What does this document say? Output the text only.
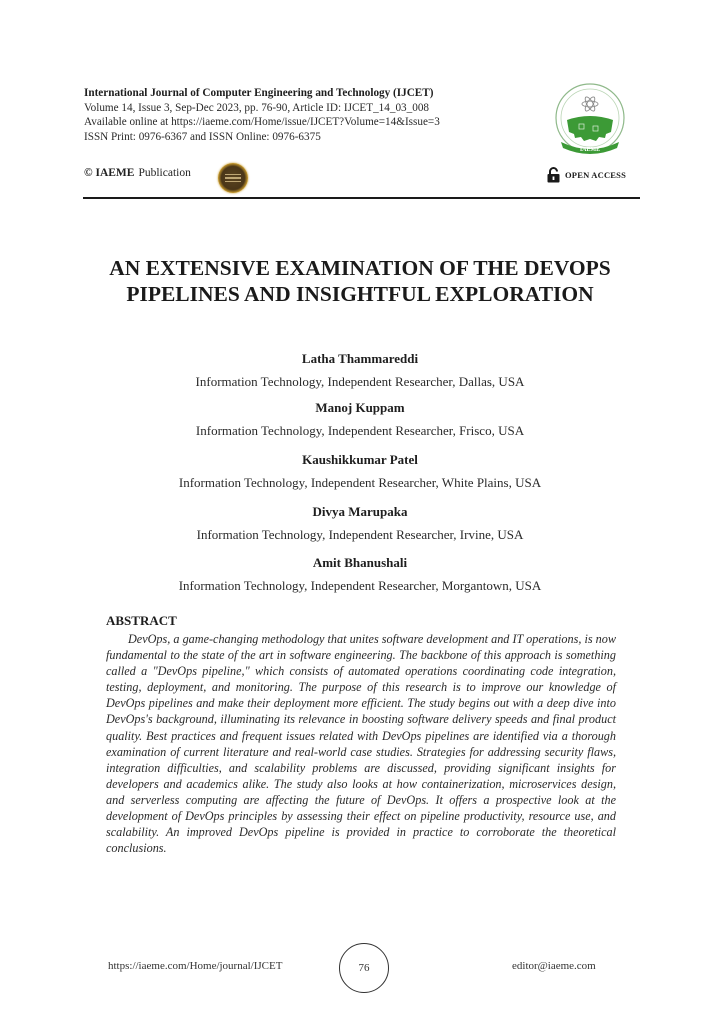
International Journal of Computer Engineering and Technology (IJCET)
Volume 14, Issue 3, Sep-Dec 2023, pp. 76-90, Article ID: IJCET_14_03_008
Available online at https://iaeme.com/Home/issue/IJCET?Volume=14&Issue=3
ISSN Print: 0976-6367 and ISSN Online: 0976-6375
© IAEME Publication
IAEME
OPEN ACCESS
AN EXTENSIVE EXAMINATION OF THE DEVOPS PIPELINES AND INSIGHTFUL EXPLORATION
Latha Thammareddi
Information Technology, Independent Researcher, Dallas, USA
Manoj Kuppam
Information Technology, Independent Researcher, Frisco, USA
Kaushikkumar Patel
Information Technology, Independent Researcher, White Plains, USA
Divya Marupaka
Information Technology, Independent Researcher, Irvine, USA
Amit Bhanushali
Information Technology, Independent Researcher, Morgantown, USA
ABSTRACT
DevOps, a game-changing methodology that unites software development and IT operations, is now fundamental to the state of the art in software engineering. The backbone of this approach is something called a "DevOps pipeline," which consists of automated operations coordinating code integration, testing, deployment, and monitoring. The purpose of this research is to improve our knowledge of DevOps pipelines and make their deployment more efficient. The study begins out with a deep dive into DevOps's background, illuminating its relevance in boosting software delivery speeds and final product quality. Best practices and frequent issues related with DevOps pipelines are identified via a thorough examination of current literature and real-world case studies. Strategies for addressing security flaws, integration difficulties, and scalability problems are discussed, providing significant insights for developers and academics alike. The study also looks at how containerization, microservices design, and serverless computing are affecting the future of DevOps. It offers a prospective look at the development of DevOps principles by assessing their effect on pipeline productivity, resource use, and scalability. An improved DevOps pipeline is provided in practice to corroborate the theoretical conclusions.
https://iaeme.com/Home/journal/IJCET	76	editor@iaeme.com
